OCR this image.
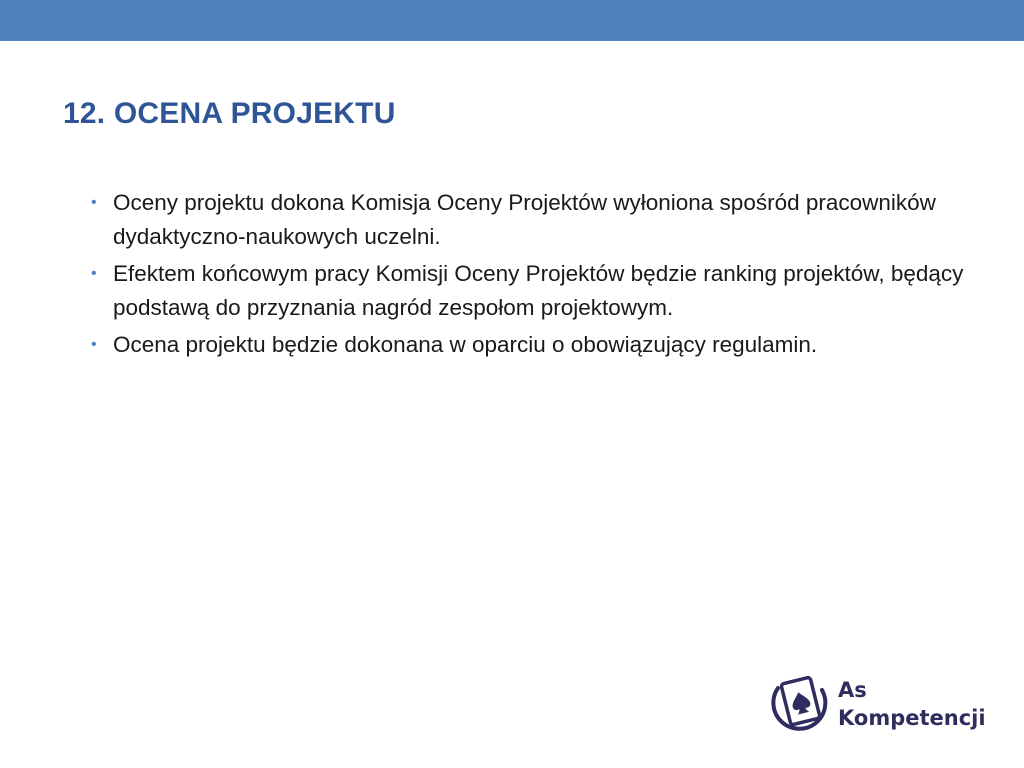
12. OCENA PROJEKTU
• Oceny projektu dokona Komisja Oceny Projektów wyłoniona spośród pracowników dydaktyczno-naukowych uczelni.
• Efektem końcowym pracy Komisji Oceny Projektów będzie ranking projektów, będący podstawą do przyznania nagród zespołom projektowym.
• Ocena projektu będzie dokonana w oparciu o obowiązujący regulamin.
As
Kompetencji
